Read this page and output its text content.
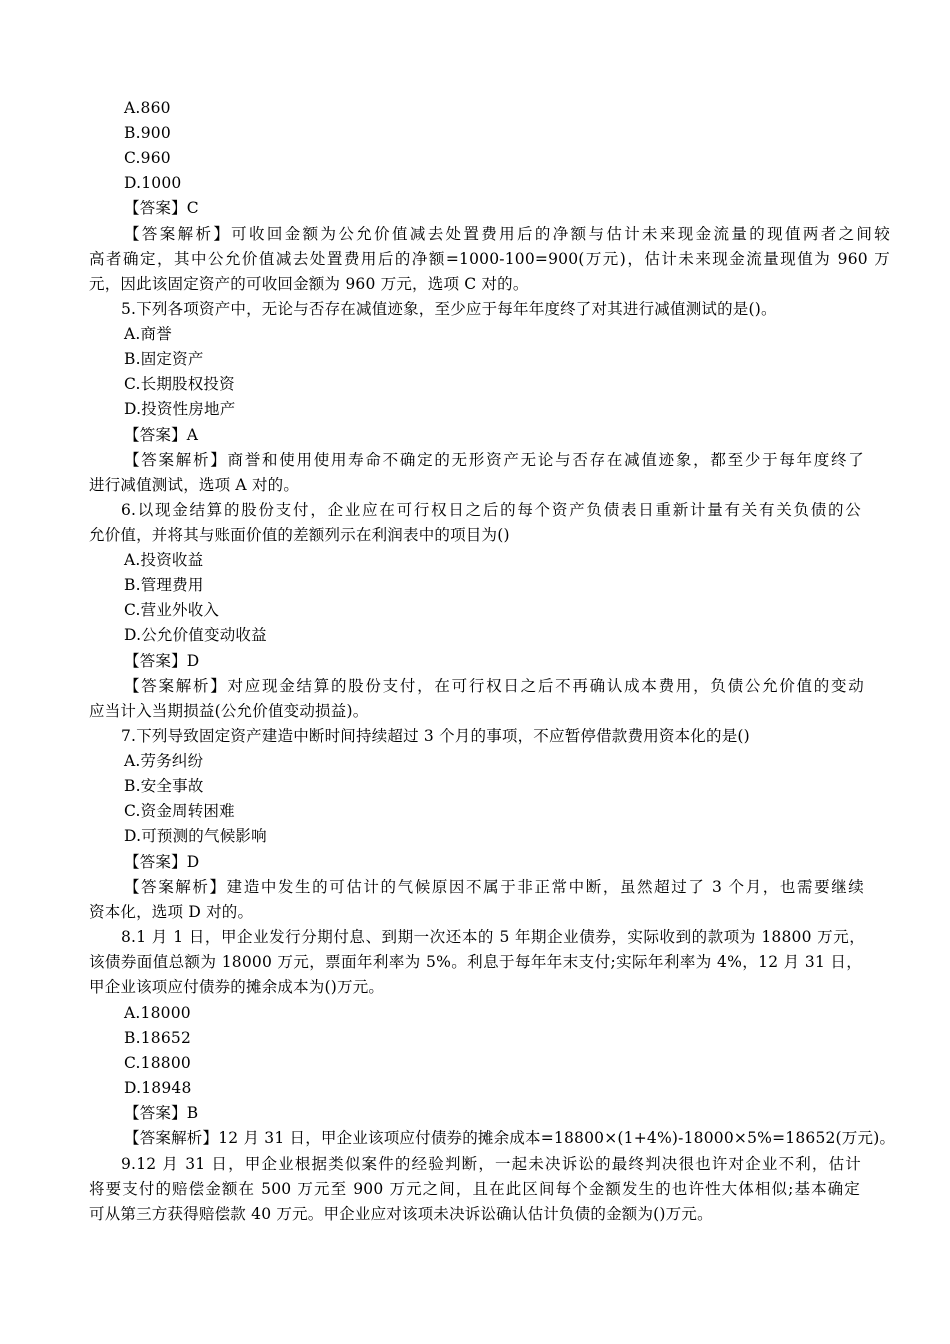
A.860
B.900
C.960
D.1000
【答案】C
【答案解析】可收回金额为公允价值减去处置费用后的净额与估计未来现金流量的现值两者之间较
高者确定，其中公允价值减去处置费用后的净额=1000-100=900(万元)，估计未来现金流量现值为 960 万
元，因此该固定资产的可收回金额为 960 万元，选项 C 对的。
5.下列各项资产中，无论与否存在减值迹象，至少应于每年年度终了对其进行减值测试的是()。
A.商誉
B.固定资产
C.长期股权投资
D.投资性房地产
【答案】A
【答案解析】商誉和使用使用寿命不确定的无形资产无论与否存在减值迹象，都至少于每年度终了
进行减值测试，选项 A 对的。
6.以现金结算的股份支付，企业应在可行权日之后的每个资产负债表日重新计量有关有关负债的公
允价值，并将其与账面价值的差额列示在利润表中的项目为()
A.投资收益
B.管理费用
C.营业外收入
D.公允价值变动收益
【答案】D
【答案解析】对应现金结算的股份支付，在可行权日之后不再确认成本费用，负债公允价值的变动
应当计入当期损益(公允价值变动损益)。
7.下列导致固定资产建造中断时间持续超过 3 个月的事项，不应暂停借款费用资本化的是()
A.劳务纠纷
B.安全事故
C.资金周转困难
D.可预测的气候影响
【答案】D
【答案解析】建造中发生的可估计的气候原因不属于非正常中断，虽然超过了 3 个月，也需要继续
资本化，选项 D 对的。
8.1 月 1 日，甲企业发行分期付息、到期一次还本的 5 年期企业债券，实际收到的款项为 18800 万元，
该债券面值总额为 18000 万元，票面年利率为 5%。利息于每年年末支付;实际年利率为 4%，12 月 31 日，
甲企业该项应付债券的摊余成本为()万元。
A.18000
B.18652
C.18800
D.18948
【答案】B
【答案解析】12 月 31 日，甲企业该项应付债券的摊余成本=18800×(1+4%)-18000×5%=18652(万元)。
9.12 月 31 日，甲企业根据类似案件的经验判断，一起未决诉讼的最终判决很也许对企业不利，估计
将要支付的赔偿金额在 500 万元至 900 万元之间，且在此区间每个金额发生的也许性大体相似;基本确定
可从第三方获得赔偿款 40 万元。甲企业应对该项未决诉讼确认估计负债的金额为()万元。
